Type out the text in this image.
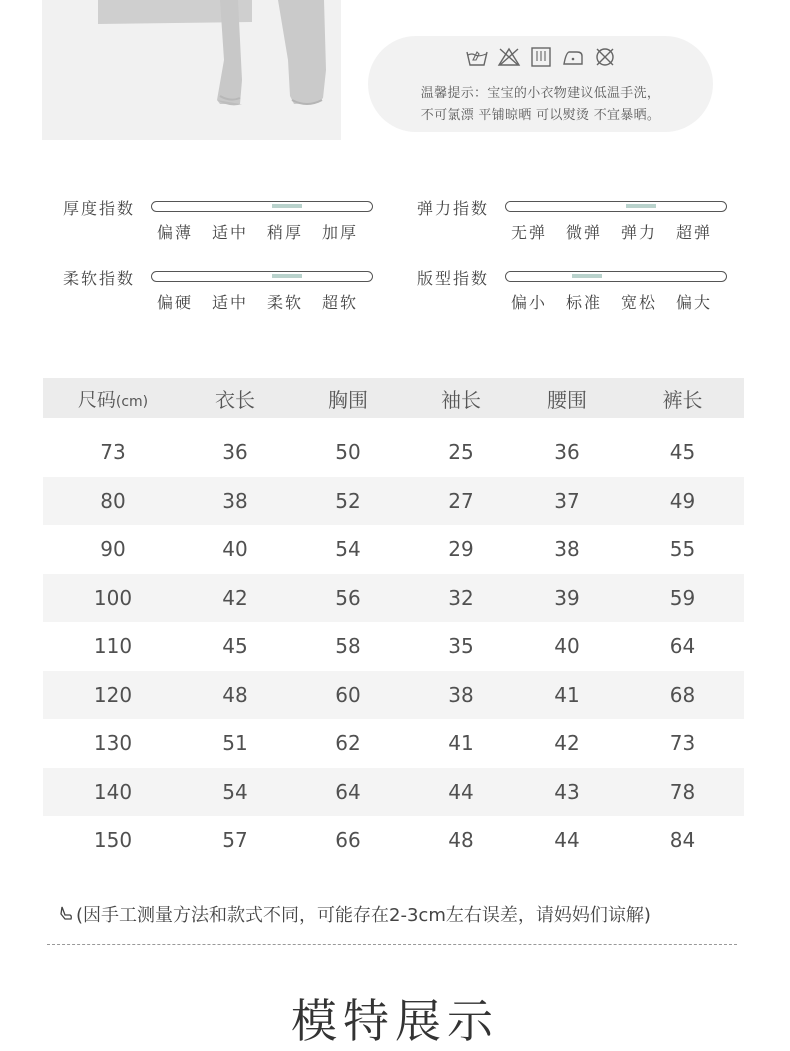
温馨提示：宝宝的小衣物建议低温手洗，
不可氯漂 平铺晾晒 可以熨烫 不宜暴晒。
厚度指数
偏薄	适中	稍厚	加厚
弹力指数
无弹	微弹	弹力	超弹
柔软指数
偏硬	适中	柔软	超软
版型指数
偏小	标准	宽松	偏大
尺码(cm)	衣长	胸围	袖长	腰围	裤长
73	36	50	25	36	45
80	38	52	27	37	49
90	40	54	29	38	55
100	42	56	32	39	59
110	45	58	35	40	64
120	48	60	38	41	68
130	51	62	41	42	73
140	54	64	44	43	78
150	57	66	48	44	84
(因手工测量方法和款式不同，可能存在2-3cm左右误差，请妈妈们谅解)
模特展示
